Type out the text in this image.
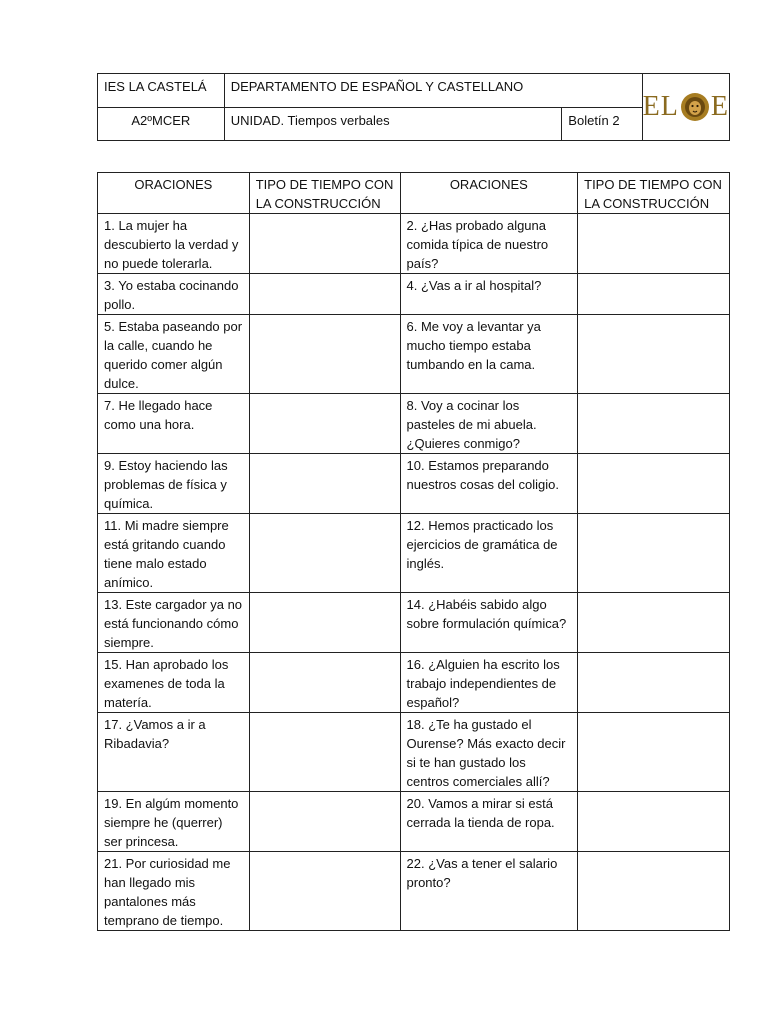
IES LA CASTELÁ	DEPARTAMENTO DE ESPAÑOL Y CASTELLANO		EL E

A2ºMCER	UNIDAD. Tiempos verbales	Boletín 2	
ORACIONES	TIPO DE TIEMPO CON LA CONSTRUCCIÓN	ORACIONES	TIPO DE TIEMPO CON LA CONSTRUCCIÓN
1. La mujer ha descubierto la verdad y no puede tolerarla.		2. ¿Has probado alguna comida típica de nuestro país?	
3. Yo estaba cocinando pollo.		4. ¿Vas a ir al hospital?	
5. Estaba paseando por la calle, cuando he querido comer algún dulce.		6. Me voy a levantar ya mucho tiempo estaba tumbando en la cama.	
7. He llegado hace como una hora.		8. Voy a cocinar los pasteles de mi abuela. ¿Quieres conmigo?	
9. Estoy haciendo las problemas de física y química.		10. Estamos preparando nuestros cosas del coligio.	
11. Mi madre siempre está gritando cuando tiene malo estado anímico.		12. Hemos practicado los ejercicios de gramática de inglés.	
13. Este cargador ya no está funcionando cómo siempre.		14. ¿Habéis sabido algo sobre formulación química?	
15. Han aprobado los examenes de toda la matería.		16. ¿Alguien ha escrito los trabajo independientes de español?	
17. ¿Vamos a ir a Ribadavia?		18. ¿Te ha gustado el Ourense? Más exacto decir si te han gustado los centros comerciales allí?	
19. En algúm momento siempre he (querrer) ser princesa.		20. Vamos a mirar si está cerrada la tienda de ropa.	
21. Por curiosidad me han llegado mis pantalones más temprano de tiempo.		22. ¿Vas a tener el salario pronto?	
